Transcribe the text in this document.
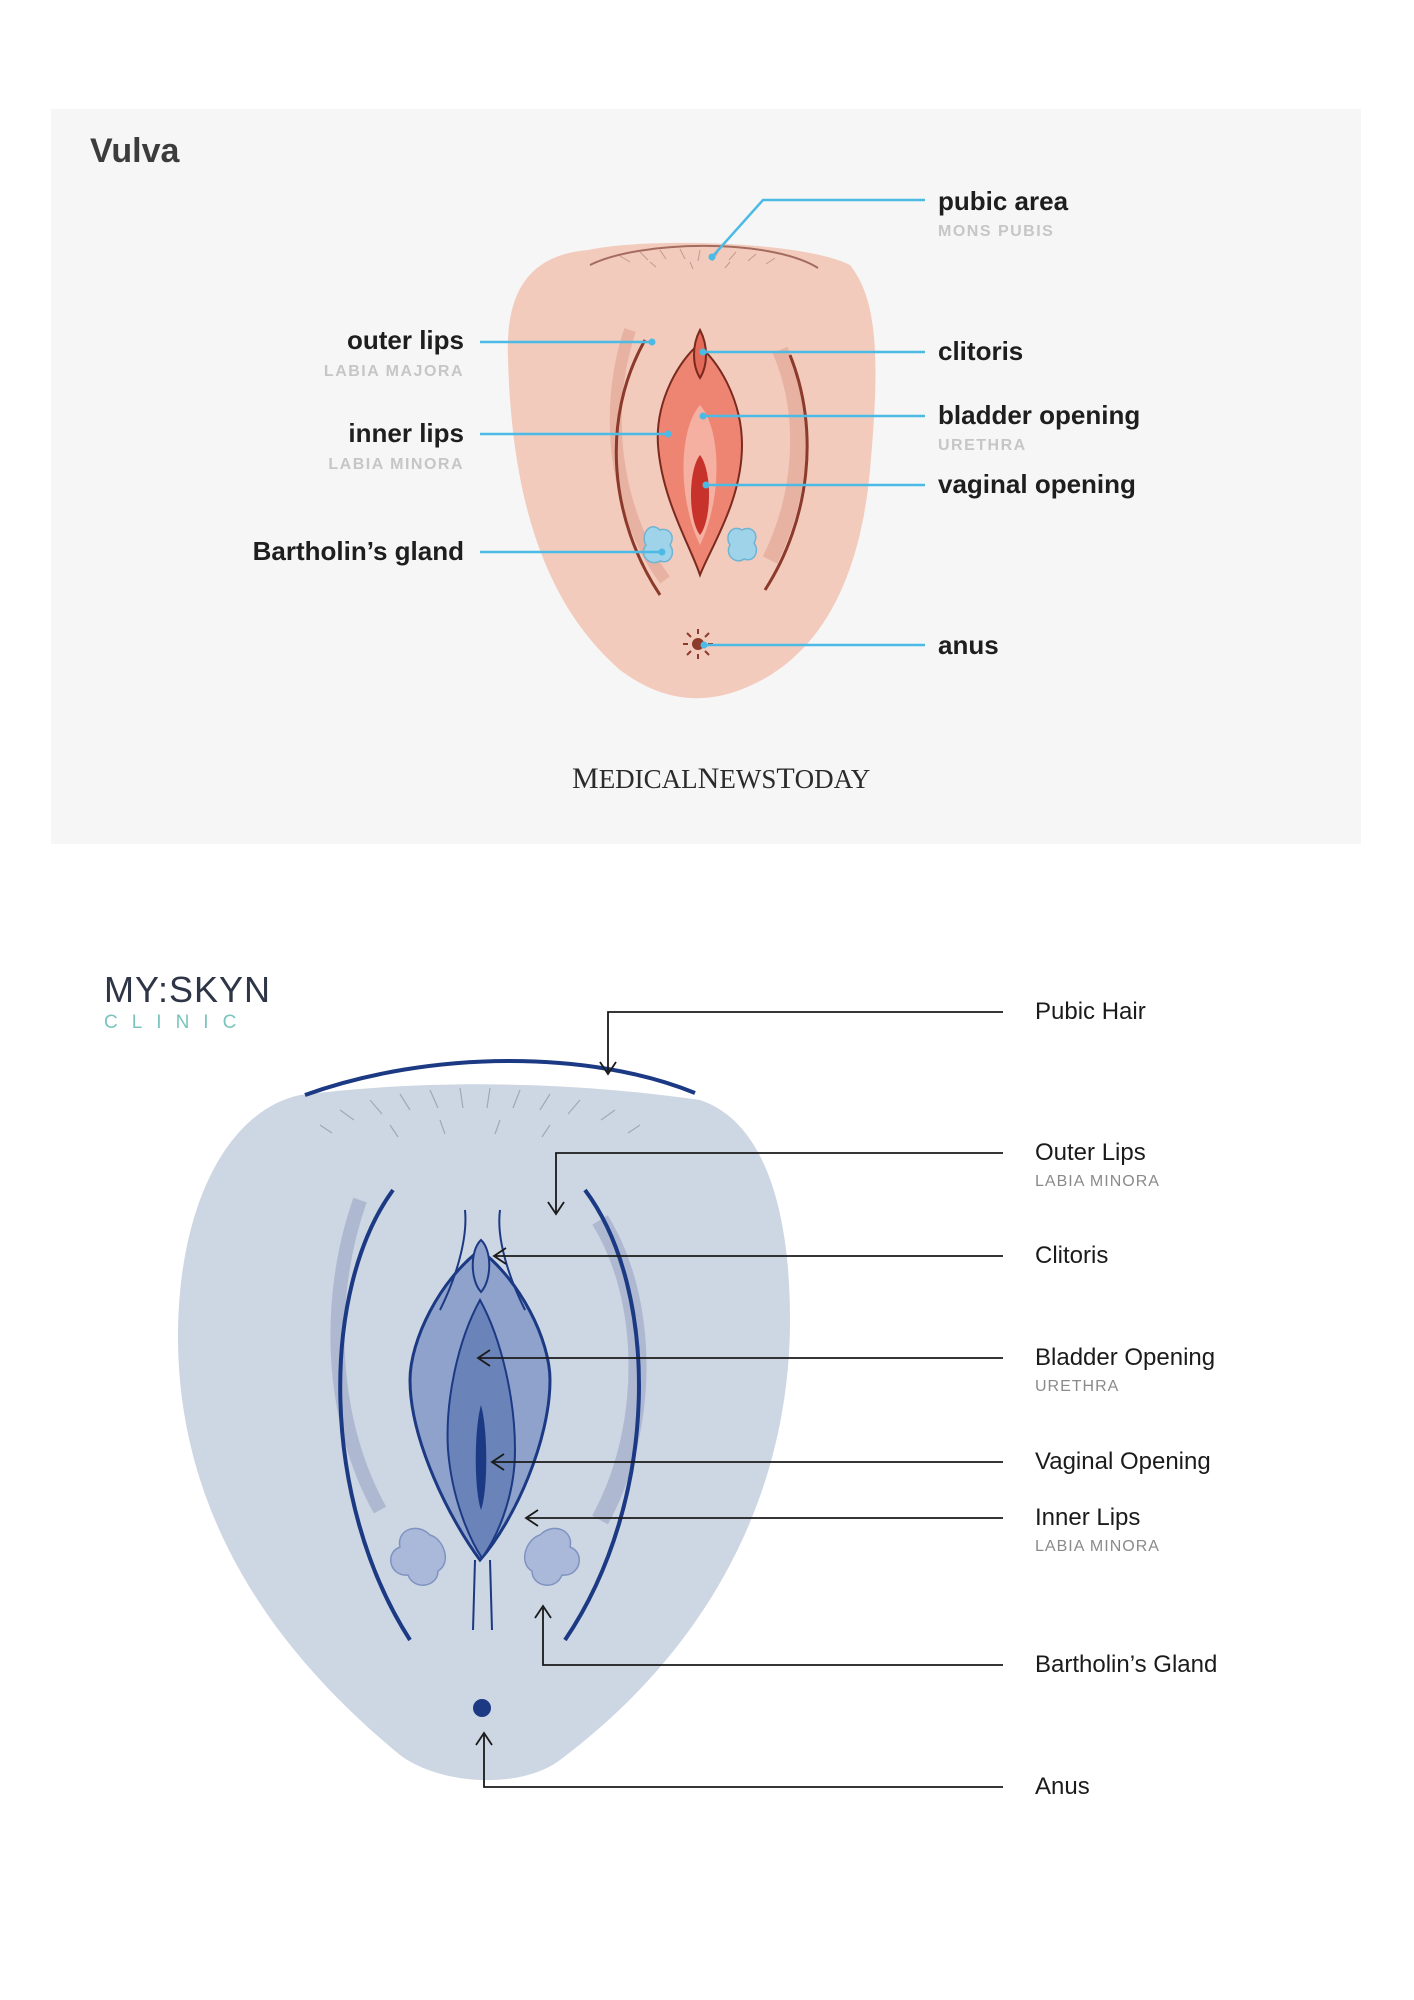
Vulva
pubic area
MONS PUBIS
outer lips
LABIA MAJORA
clitoris
inner lips
LABIA MINORA
bladder opening
URETHRA
vaginal opening
Bartholin’s gland
anus
MEDICALNEWSTODAY
MY:SKYN
CLINIC	Pubic Hair
Outer Lips
LABIA MINORA
Clitoris
Bladder Opening
URETHRA
Vaginal Opening
Inner Lips
LABIA MINORA
Bartholin’s Gland
Anus
